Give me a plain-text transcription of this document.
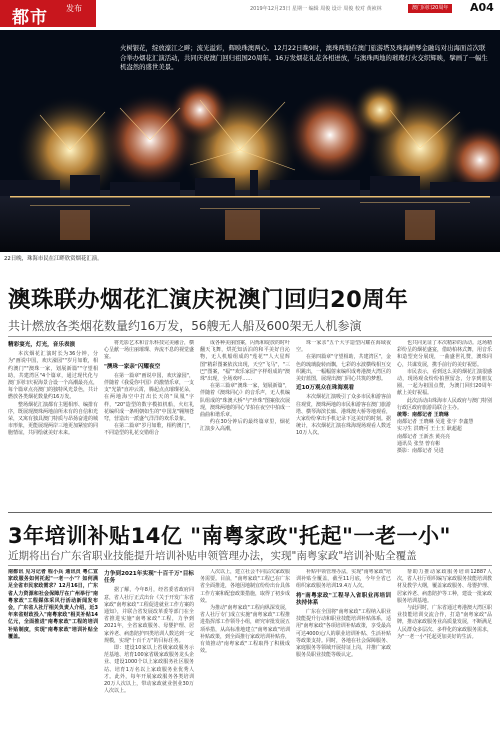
都市 发布	2019年12月23日 星期一 编辑 周俊 设计 周俊 校对 黄祯林	澳门回归20周年	A04
火树银花，绽放濠江之畔；流光溢彩，辉映珠澳两心。12月22日晚9时，澳珠两地在澳门旅游塔及珠海横琴金融岛对出海面首次联合举办烟花汇演活动，共同庆祝澳门回归祖国20周年。16万发烟花礼花各相迸放，与澳珠两地的璀璨灯火交织辉映，擘画了一幅生机盎然的盛世美景。
22日晚，珠海市民在江畔欣赏烟花汇演。
澳珠联办烟花汇演庆祝澳门回归20周年
共计燃放各类烟花数量约16万发，56艘无人船及600架无人机参演
精彩宴光，灯光，音乐表演

本次烟花汇演时长为36分钟，分为"画说中国，欢庆濠园""岁月如歌，相约澳门""澳珠一家，划展新篇""守望相助，共建湾区"4个篇章，通过现代化与澳门回归庆祝海景合设一个高潮最亮点，每个篇章点亮澳门的独特风光景色，共计燃放各类烟花数量约16万发。

整场烟花汇演都有主题相形、编排有序，既展现澳珠两地前所未有的自信和光荣，又寓有独具澳门特质与昂扬奋进的城市形象，更能展现两岸三地更加紧密的同胞情谊，共同绘就美好未来。

将光影艺术和音乐科技完美融合，横心呈献一场庄丽璀璨、奔流不息的视觉盛宴。

"澳珠一家亲"闪耀夜空

在第一篇章"画说中国，欢庆濠园"，伴随着《我爱你中国》的激情乐章，一支支"光箭"直冲云霄，腾起点点璀璨花朵，在两地海空中打出长天的"凤凰"字样，"20"造型的数字模拟机船，火红礼花编织成一条明朝如生的"中国龙"翱翔苍穹，营造出一派盛气洋洋的欢乐景象。

在第二篇章"岁月如歌，相约澳门"，不同造型的礼花交错组合

成各种美丽图案，闪烁和绽放的时叶翻天飞舞，烘托知活泊的和平美好自沁物，无人机船组成的"莲花""人大星辉图"精彩图案依次出现，天空"飞马"，"三巴"图案，"福""欢乐家园"字样组成的"澳珠"出现，全场欢呼……

在第三篇章"澳珠一家，划展新篇"，伴随着《澳珠同心》的音乐声，无人机编队组成的"珠澳大桥"与"珍珠"图案依次展现，澳珠两地的同心节拍在夜空中拍成一曲曲和谐乐章。

约在30分钟后的最终篇章里，烟花汇演步入高潮，

珠一家亲"五个大字造型闪耀在海域夜空。

在第四篇章"守望相助，共建湾区"，金色的琉璃旋转而飘，七彩的水波横线相互交织跳出，一幅幅射束编织成粤港澳大湾区的美好蓝图，展现出澳门同心共筑的梦想。

近10万观众在珠海观看

本次烟花汇演吸引了众多市民和游客前往观赏，澳珠两地的市民和游客在澳门旅游塔、横琴海滨长廊、港珠澳大桥等地观看，大家纷纷拿出手机记录下这美好的时刻。据统计，本次烟花汇演在珠海现场观看人数近10万人次。

也共同见证了本次精彩的活动。这场精彩纷呈的烟花盛宴，借助柏林式舞，用音乐和造型充分展现，一曲盛世礼赞，澳珠同心，共谋发展，携手前行的美好祝愿。

市民表示，看到这么美的烟花汇演很感动，现场观众纷纷拍照留念，分享到朋友圈，一起为祖国点赞，为澳门回归20周年献上美好祝福。

此次活动由珠海市人民政府与澳门特别行政区政府旅游局联合主办。

统筹：南都记者 王晓琳

南都记者 王晓琳 吴进 张宇 李鑫慧

实习生 洪晓可 王士玉 耿超超

南都记者 王新杰 黄亮亮

通讯员 张坚 曾有彬

摄影：南都记者 吴进

3年培训补贴14亿 "南粤家政"托起"一老一小"
近期将出台广东省职业技能提升培训补贴申领管理办法，实现"南粤家政"培训补贴全覆盖

南都讯 见习记者 程小兵 通讯员 粤仁宣 家政服务如何托起"一老一小"？如何满足全省市民家政需求？12月16日，广东省人力资源和社会保障厅在广州举行"南粤家政"工程媒体采风行活动新闻发布会，广东省人社厅相关负责人介绍，近3年来省财政投入"南粤家政"相关补贴14亿元，全面推进"南粤家政"工程的培训补贴制度，实现"南粤家政"培训补贴全覆盖。

力争到2021年实现"十百千万"目标任务

据了解，今年8月，经省委省政府同意，省人社厅正式出台《关于开发广东省家政"南粤家政"工程促进就业工作方案的通知》，并联合省发展改革委等部门在全省推进实施"南粤家政"工程，力争到2021年，全省家政服务、母婴护理、居家养老、病患陪护四类培训人数达到一定规模，实现"十百千万"的目标任务。

即：建设10家以上省级家政服务示范基地、培育100家省级家政服务龙头企业、建设1000个以上家政服务社区服务站、培育1万名以上家政服务业优秀人才。此外，每年开展家政服务各类培训20万人次以上，带动家政就业创业30万人次以上。

人次以上，建立社会不同层次家政服务需要。目前，"南粤家政"工程已在广东省全面推进，各地因地制宜纷纷出台具体工作方案和配套政策措施，取得了初步成效。

为推动"南粤家政"工程向纵深发展，省人社厅专门成立实施"南粤家政"工程推进指挥部工作领导小组，研究审批发展五项举措，从高标准地建立"南粤家政"培训补贴政策，到全面推行家政培训补贴券，有效推动"南粤家政"工程取得了积极成效。

补贴申领管理办法，实现"南粤家政"培训补贴全覆盖，截至11月底，今年全省已组织家政服务培训19.4万人次。

将"南粤家政"工程导入省职业再培训扶持体系

广东在全国将"南粤家政"工程纳入职业技能提升行动和职业技能培训补贴体系，适用"南粤家政"各项培训补贴政策，享受最高可达4000元/人的职业培训补贴、生活补贴等政策支持。同时，各地在社会保障服务、家庭服务等领域开展持证上岗，并推广家政服务员职业技能等级认定。

帮助力推动家政服务培训12887人次，省人社厅组织编写家政服务技能培训教材及教学大纲，覆盖家政服务、母婴护理、居家养老、病患陪护等工种，建设一批家政服务培训基地。

与此同时，广东省通过粤港澳大湾区职业技能培训交流合作，打造"南粤家政"品牌，推动家政服务业高质量发展，不断满足人民群众多层次、多样化的家政服务需求，为"一老一小"托起更加美好的生活。
